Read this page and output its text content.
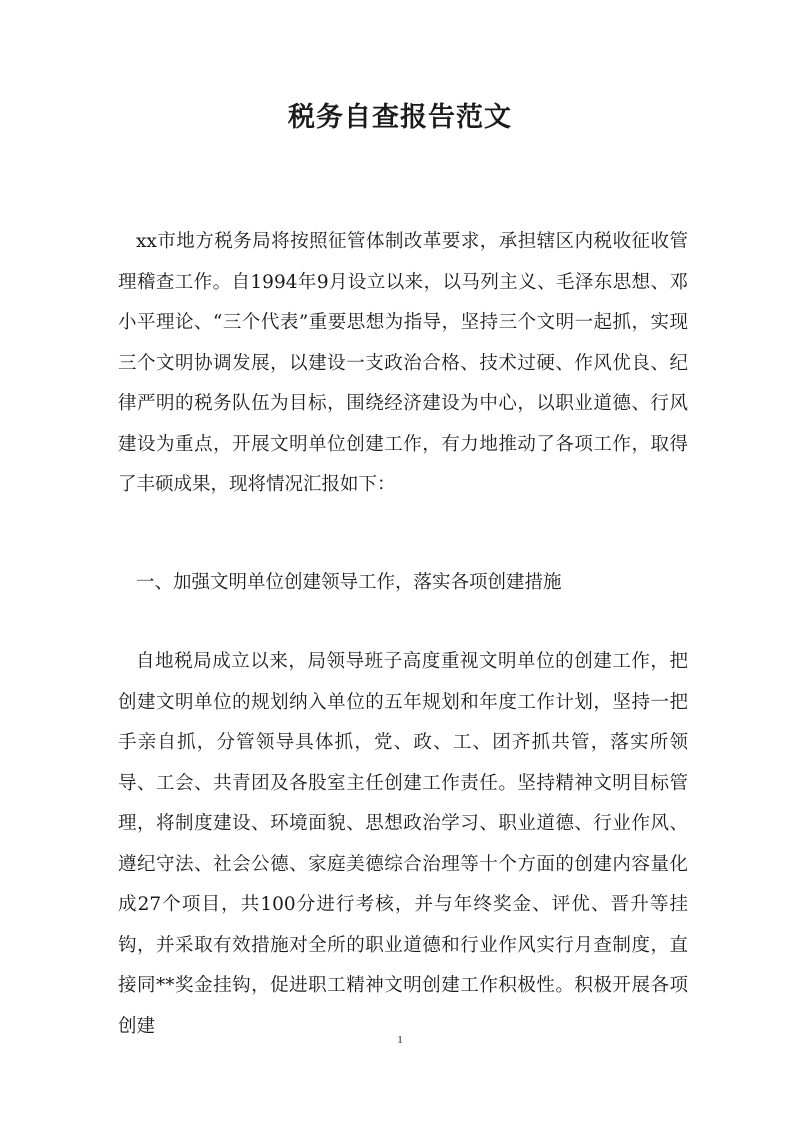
税务自查报告范文

xx市地方税务局将按照征管体制改革要求，承担辖区内税收征收管理稽查工作。自1994年9月设立以来，以马列主义、毛泽东思想、邓小平理论、“三个代表”重要思想为指导，坚持三个文明一起抓，实现三个文明协调发展，以建设一支政治合格、技术过硬、作风优良、纪律严明的税务队伍为目标，围绕经济建设为中心，以职业道德、行风建设为重点，开展文明单位创建工作，有力地推动了各项工作，取得了丰硕成果，现将情况汇报如下：

一、加强文明单位创建领导工作，落实各项创建措施

自地税局成立以来，局领导班子高度重视文明单位的创建工作，把创建文明单位的规划纳入单位的五年规划和年度工作计划，坚持一把手亲自抓，分管领导具体抓，党、政、工、团齐抓共管，落实所领导、工会、共青团及各股室主任创建工作责任。坚持精神文明目标管理，将制度建设、环境面貌、思想政治学习、职业道德、行业作风、遵纪守法、社会公德、家庭美德综合治理等十个方面的创建内容量化成27个项目，共100分进行考核，并与年终奖金、评优、晋升等挂钩，并采取有效措施对全所的职业道德和行业作风实行月查制度，直接同**奖金挂钩，促进职工精神文明创建工作积极性。积极开展各项创建

1
